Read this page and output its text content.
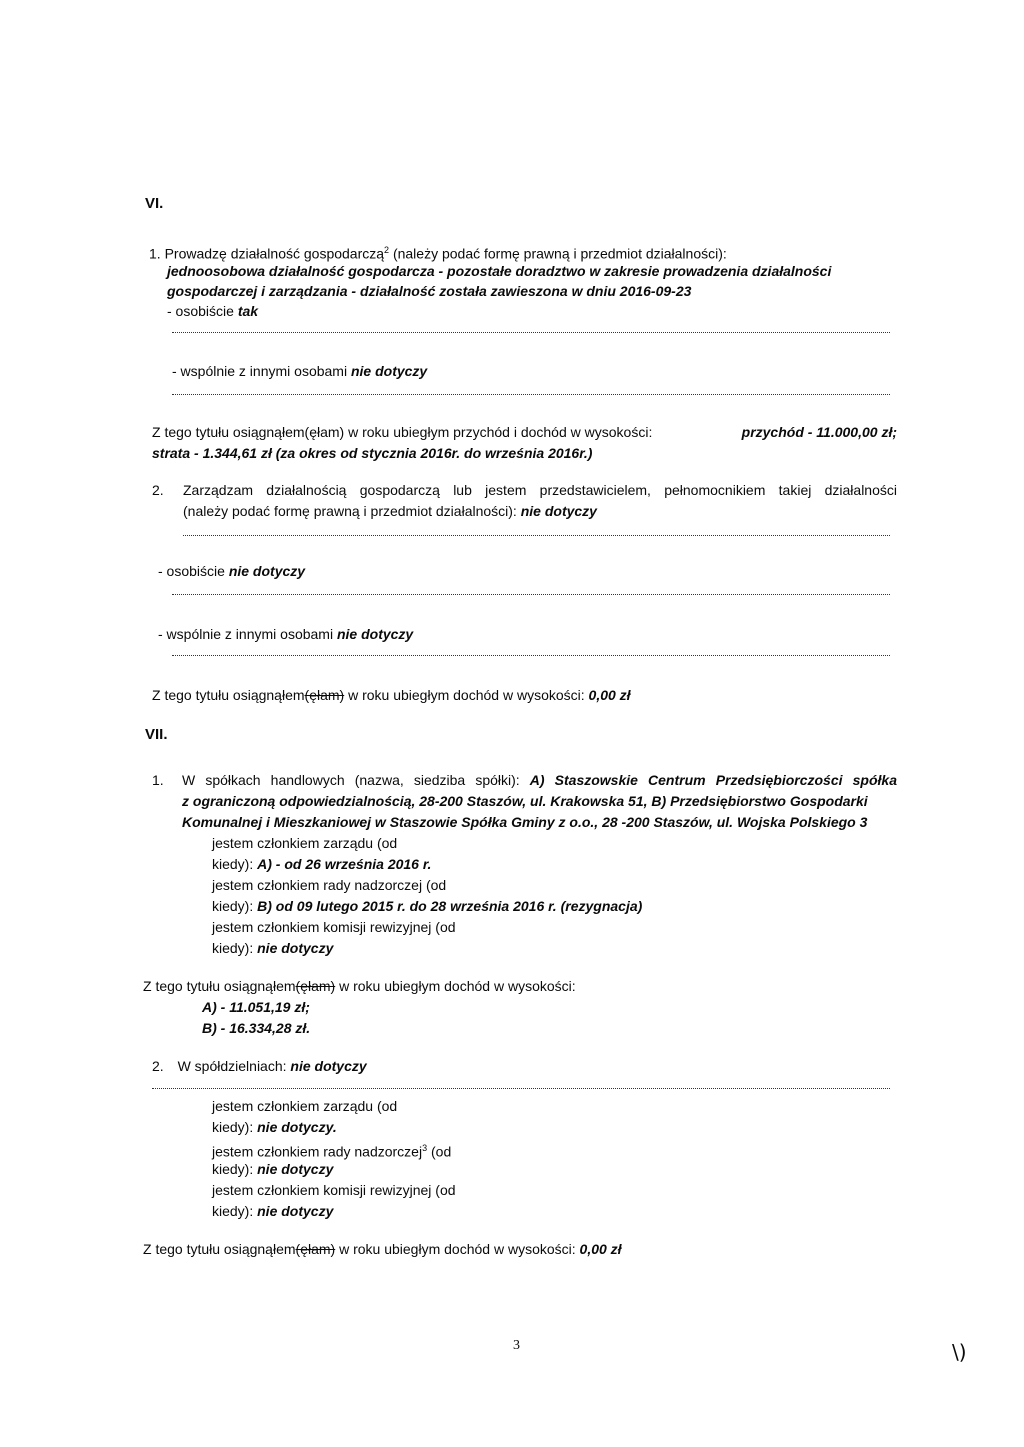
VI.
1. Prowadzę działalność gospodarczą$^2$ (należy podać formę prawną i przedmiot działalności):
jednoosobowa działalność gospodarcza - pozostałe doradztwo w zakresie prowadzenia działalności
gospodarczej i zarządzania - działalność została zawieszona w dniu 2016-09-23
- osobiście tak
- wspólnie z innymi osobami nie dotyczy
Z tego tytułu osiągnąłem(ęłam) w roku ubiegłym przychód i dochód w wysokości:	przychód - 11.000,00 zł;
strata - 1.344,61 zł (za okres od stycznia 2016r. do września 2016r.)
2. Zarządzam działalnością gospodarczą lub jestem przedstawicielem, pełnomocnikiem takiej działalności
(należy podać formę prawną i przedmiot działalności): nie dotyczy
- osobiście nie dotyczy
- wspólnie z innymi osobami nie dotyczy
Z tego tytułu osiągnąłem(ęłam) w roku ubiegłym dochód w wysokości: 0,00 zł
VII.
1. W spółkach handlowych (nazwa, siedziba spółki): A) Staszowskie Centrum Przedsiębiorczości spółka
z ograniczoną odpowiedzialnością, 28-200 Staszów, ul. Krakowska 51, B) Przedsiębiorstwo Gospodarki
Komunalnej i Mieszkaniowej w Staszowie Spółka Gminy z o.o., 28 -200 Staszów, ul. Wojska Polskiego 3
jestem członkiem zarządu (od
kiedy): A) - od 26 września 2016 r.
jestem członkiem rady nadzorczej (od
kiedy): B) od 09 lutego 2015 r. do 28 września 2016 r. (rezygnacja)
jestem członkiem komisji rewizyjnej (od
kiedy): nie dotyczy
Z tego tytułu osiągnąłem(ęłam) w roku ubiegłym dochód w wysokości:
A) - 11.051,19 zł;
B) - 16.334,28 zł.
2. W spółdzielniach: nie dotyczy
jestem członkiem zarządu (od
kiedy): nie dotyczy.
jestem członkiem rady nadzorczej$^3$ (od
kiedy): nie dotyczy
jestem członkiem komisji rewizyjnej (od
kiedy): nie dotyczy
Z tego tytułu osiągnąłem(ęłam) w roku ubiegłym dochód w wysokości: 0,00 zł
3	\)
